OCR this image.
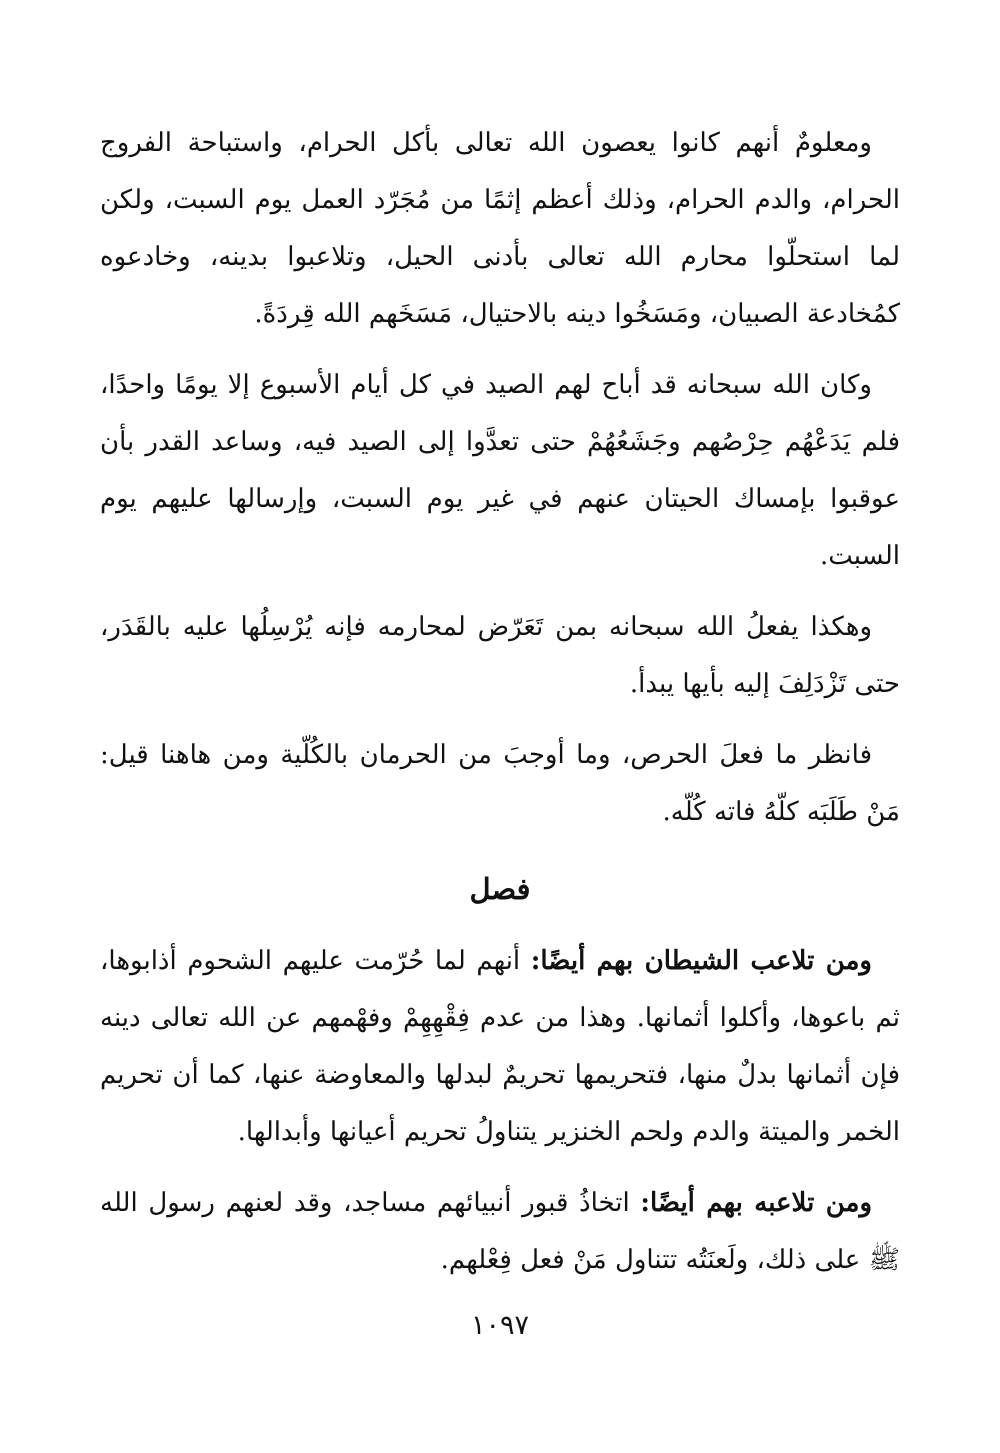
ومعلومٌ أنهم كانوا يعصون الله تعالى بأكل الحرام، واستباحة الفروج الحرام، والدم الحرام، وذلك أعظم إثمًا من مُجَرّد العمل يوم السبت، ولكن لما استحلّوا محارم الله تعالى بأدنى الحيل، وتلاعبوا بدينه، وخادعوه كمُخادعة الصبيان، ومَسَخُوا دينه بالاحتيال، مَسَخَهم الله قِردَةً.

وكان الله سبحانه قد أباح لهم الصيد في كل أيام الأسبوع إلا يومًا واحدًا، فلم يَدَعْهُم حِرْصُهم وجَشَعُهُمْ حتى تعدَّوا إلى الصيد فيه، وساعد القدر بأن عوقبوا بإمساك الحيتان عنهم في غير يوم السبت، وإرسالها عليهم يوم السبت.

وهكذا يفعلُ الله سبحانه بمن تَعَرّض لمحارمه فإنه يُرْسِلُها عليه بالقَدَر، حتى تَزْدَلِفَ إليه بأيها يبدأ.

فانظر ما فعلَ الحرص، وما أوجبَ من الحرمان بالكُلّية ومن هاهنا قيل: مَنْ طَلَبَه كلّهُ فاته كُلّه.

فصل

ومن تلاعب الشيطان بهم أيضًا: أنهم لما حُرّمت عليهم الشحوم أذابوها، ثم باعوها، وأكلوا أثمانها. وهذا من عدم فِقْهِهِمْ وفهْمهم عن الله تعالى دينه فإن أثمانها بدلٌ منها، فتحريمها تحريمٌ لبدلها والمعاوضة عنها، كما أن تحريم الخمر والميتة والدم ولحم الخنزير يتناولُ تحريم أعيانها وأبدالها.

ومن تلاعبه بهم أيضًا: اتخاذُ قبور أنبيائهم مساجد، وقد لعنهم رسول الله ﷺ على ذلك، ولَعنَتُه تتناول مَنْ فعل فِعْلهم.

١٠٩٧
